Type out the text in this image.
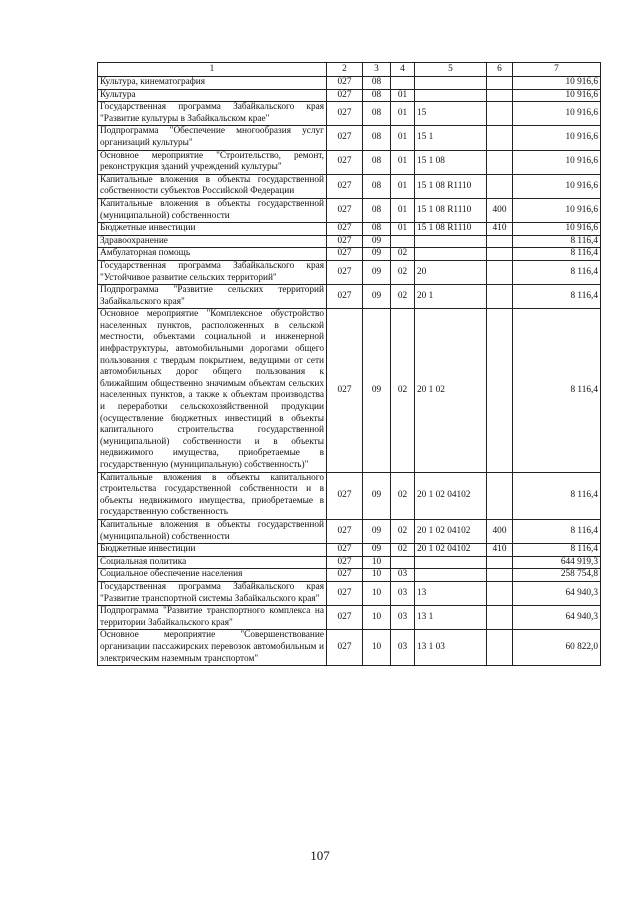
1	2	3	4	5	6	7
Культура, кинематография	027	08				10 916,6
Культура	027	08	01			10 916,6
Государственная программа Забайкальского края "Развитие культуры в Забайкальском крае"	027	08	01	15		10 916,6
Подпрограмма "Обеспечение многообразия услуг организаций культуры"	027	08	01	15 1		10 916,6
Основное мероприятие "Строительство, ремонт, реконструкция зданий учреждений культуры"	027	08	01	15 1 08		10 916,6
Капитальные вложения в объекты государственной собственности субъектов Российской Федерации	027	08	01	15 1 08 R1110		10 916,6
Капитальные вложения в объекты государственной (муниципальной) собственности	027	08	01	15 1 08 R1110	400	10 916,6
Бюджетные инвестиции	027	08	01	15 1 08 R1110	410	10 916,6
Здравоохранение	027	09				8 116,4
Амбулаторная помощь	027	09	02			8 116,4
Государственная программа Забайкальского края "Устойчивое развитие сельских территорий"	027	09	02	20		8 116,4
Подпрограмма "Развитие сельских территорий Забайкальского края"	027	09	02	20 1		8 116,4
Основное мероприятие "Комплексное обустройство населенных пунктов, расположенных в сельской местности, объектами социальной и инженерной инфраструктуры, автомобильными дорогами общего пользования с твердым покрытием, ведущими от сети автомобильных дорог общего пользования к ближайшим общественно значимым объектам сельских населенных пунктов, а также к объектам производства и переработки сельскохозяйственной продукции (осуществление бюджетных инвестиций в объекты капитального строительства государственной (муниципальной) собственности и в объекты недвижимого имущества, приобретаемые в государственную (муниципальную) собственность)"	027	09	02	20 1 02		8 116,4
Капитальные вложения в объекты капитального строительства государственной собственности и в объекты недвижимого имущества, приобретаемые в государственную собственность	027	09	02	20 1 02 04102		8 116,4
Капитальные вложения в объекты государственной (муниципальной) собственности	027	09	02	20 1 02 04102	400	8 116,4
Бюджетные инвестиции	027	09	02	20 1 02 04102	410	8 116,4
Социальная политика	027	10				644 919,3
Социальное обеспечение населения	027	10	03			258 754,8
Государственная программа Забайкальского края "Развитие транспортной системы Забайкальского края"	027	10	03	13		64 940,3
Подпрограмма "Развитие транспортного комплекса на территории Забайкальского края"	027	10	03	13 1		64 940,3
Основное мероприятие "Совершенствование организации пассажирских перевозок автомобильным и электрическим наземным транспортом"	027	10	03	13 1 03		60 822,0
107
